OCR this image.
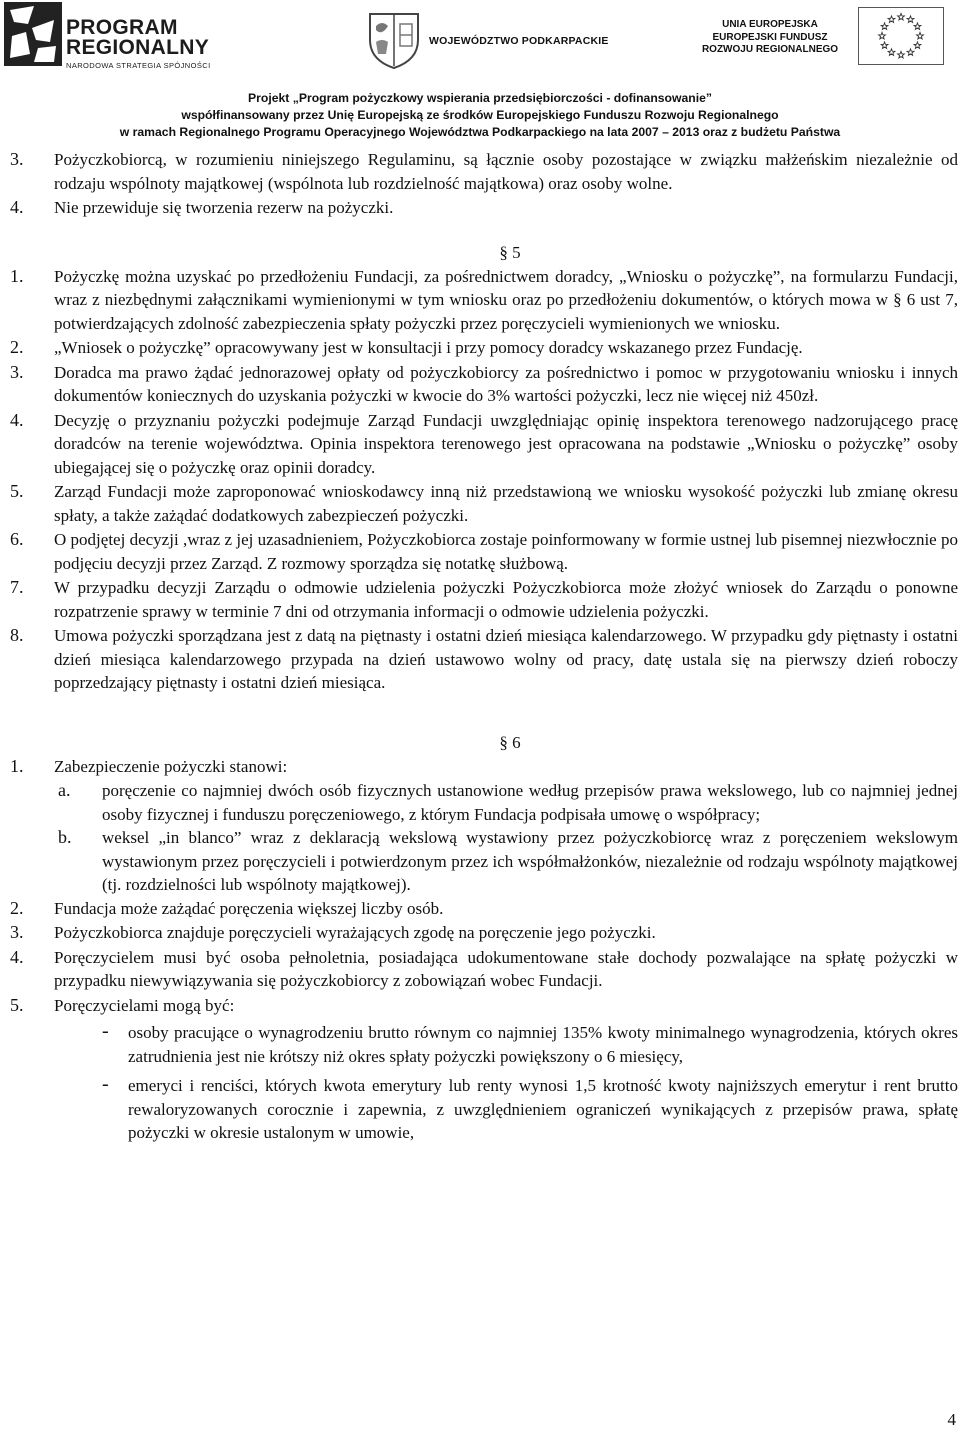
PROGRAM
REGIONALNY
NARODOWA STRATEGIA SPÓJNOŚCI
WOJEWÓDZTWO PODKARPACKIE
UNIA EUROPEJSKA
EUROPEJSKI FUNDUSZ
ROZWOJU REGIONALNEGO
Projekt „Program pożyczkowy wspierania przedsiębiorczości - dofinansowanie”
współfinansowany przez Unię Europejską ze środków Europejskiego Funduszu Rozwoju Regionalnego
w ramach Regionalnego Programu Operacyjnego Województwa Podkarpackiego na lata 2007 – 2013 oraz z budżetu Państwa
3. Pożyczkobiorcą, w rozumieniu niniejszego Regulaminu, są łącznie osoby pozostające w związku małżeńskim niezależnie od rodzaju wspólnoty majątkowej (wspólnota lub rozdzielność majątkowa) oraz osoby wolne.
4. Nie przewiduje się tworzenia rezerw na pożyczki.
§ 5
1. Pożyczkę można uzyskać po przedłożeniu Fundacji, za pośrednictwem doradcy, „Wniosku o pożyczkę”, na formularzu Fundacji, wraz z niezbędnymi załącznikami wymienionymi w tym wniosku oraz po przedłożeniu dokumentów, o których mowa w § 6 ust 7, potwierdzających zdolność zabezpieczenia spłaty pożyczki przez poręczycieli wymienionych we wniosku.
2. „Wniosek o pożyczkę” opracowywany jest w konsultacji i przy pomocy doradcy wskazanego przez Fundację.
3. Doradca ma prawo żądać jednorazowej opłaty od pożyczkobiorcy za pośrednictwo i pomoc w przygotowaniu wniosku i innych dokumentów koniecznych do uzyskania pożyczki w kwocie do 3% wartości pożyczki, lecz nie więcej niż 450zł.
4. Decyzję o przyznaniu pożyczki podejmuje Zarząd Fundacji uwzględniając opinię inspektora terenowego nadzorującego pracę doradców na terenie województwa. Opinia inspektora terenowego jest opracowana na podstawie „Wniosku o pożyczkę” osoby ubiegającej się o pożyczkę oraz opinii doradcy.
5. Zarząd Fundacji może zaproponować wnioskodawcy inną niż przedstawioną we wniosku wysokość pożyczki lub zmianę okresu spłaty, a także zażądać dodatkowych zabezpieczeń pożyczki.
6. O podjętej decyzji ,wraz z jej uzasadnieniem, Pożyczkobiorca zostaje poinformowany w formie ustnej lub pisemnej niezwłocznie po podjęciu decyzji przez Zarząd. Z rozmowy sporządza się notatkę służbową.
7. W przypadku decyzji Zarządu o odmowie udzielenia pożyczki Pożyczkobiorca może złożyć wniosek do Zarządu o ponowne rozpatrzenie sprawy w terminie 7 dni od otrzymania informacji o odmowie udzielenia pożyczki.
8. Umowa pożyczki sporządzana jest z datą na piętnasty i ostatni dzień miesiąca kalendarzowego. W przypadku gdy piętnasty i ostatni dzień miesiąca kalendarzowego przypada na dzień ustawowo wolny od pracy, datę ustala się na pierwszy dzień roboczy poprzedzający piętnasty i ostatni dzień miesiąca.
§ 6
1. Zabezpieczenie pożyczki stanowi:
a. poręczenie co najmniej dwóch osób fizycznych ustanowione według przepisów prawa wekslowego, lub co najmniej jednej osoby fizycznej i funduszu poręczeniowego, z którym Fundacja podpisała umowę o współpracy;
b. weksel „in blanco” wraz z deklaracją wekslową wystawiony przez pożyczkobiorcę wraz z poręczeniem wekslowym wystawionym przez poręczycieli i potwierdzonym przez ich współmałżonków, niezależnie od rodzaju wspólnoty majątkowej (tj. rozdzielności lub wspólnoty majątkowej).
2. Fundacja może zażądać poręczenia większej liczby osób.
3. Pożyczkobiorca znajduje poręczycieli wyrażających zgodę na poręczenie jego pożyczki.
4. Poręczycielem musi być osoba pełnoletnia, posiadająca udokumentowane stałe dochody pozwalające na spłatę pożyczki w przypadku niewywiązywania się pożyczkobiorcy z zobowiązań wobec Fundacji.
5. Poręczycielami mogą być:
- osoby pracujące o wynagrodzeniu brutto równym co najmniej 135% kwoty minimalnego wynagrodzenia, których okres zatrudnienia jest nie krótszy niż okres spłaty pożyczki powiększony o 6 miesięcy,
- emeryci i renciści, których kwota emerytury lub renty wynosi 1,5 krotność kwoty najniższych emerytur i rent brutto rewaloryzowanych corocznie i zapewnia, z uwzględnieniem ograniczeń wynikających z przepisów prawa, spłatę pożyczki w okresie ustalonym w umowie,
4
